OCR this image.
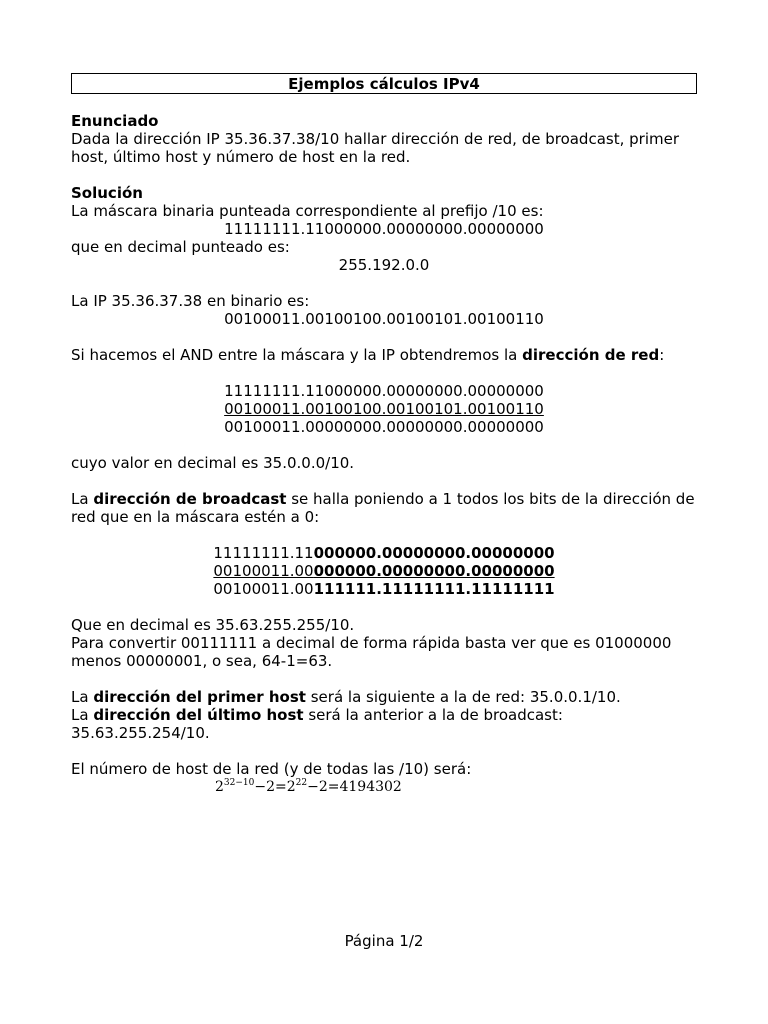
Ejemplos cálculos IPv4

Enunciado

Dada la dirección IP 35.36.37.38/10 hallar dirección de red, de broadcast, primer host, último host y número de host en la red.

Solución

La máscara binaria punteada correspondiente al prefijo /10 es:

11111111.11000000.00000000.00000000

que en decimal punteado es:

255.192.0.0

La IP 35.36.37.38 en binario es:

00100011.00100100.00100101.00100110

Si hacemos el AND entre la máscara y la IP obtendremos la dirección de red:

11111111.11000000.00000000.00000000

00100011.00100100.00100101.00100110

00100011.00000000.00000000.00000000

cuyo valor en decimal es 35.0.0.0/10.

La dirección de broadcast se halla poniendo a 1 todos los bits de la dirección de red que en la máscara estén a 0:

11111111.11000000.00000000.00000000
00100011.00000000.00000000.00000000
00100011.00111111.11111111.11111111

Que en decimal es 35.63.255.255/10.

Para convertir 00111111 a decimal de forma rápida basta ver que es 01000000 menos 00000001, o sea, 64-1=63.

La dirección del primer host será la siguiente a la de red: 35.0.0.1/10.

La dirección del último host será la anterior a la de broadcast: 35.63.255.254/10.

El número de host de la red (y de todas las /10) será:

$2^{32-10}-2=2^{22}-2=4194302$

Página 1/2
